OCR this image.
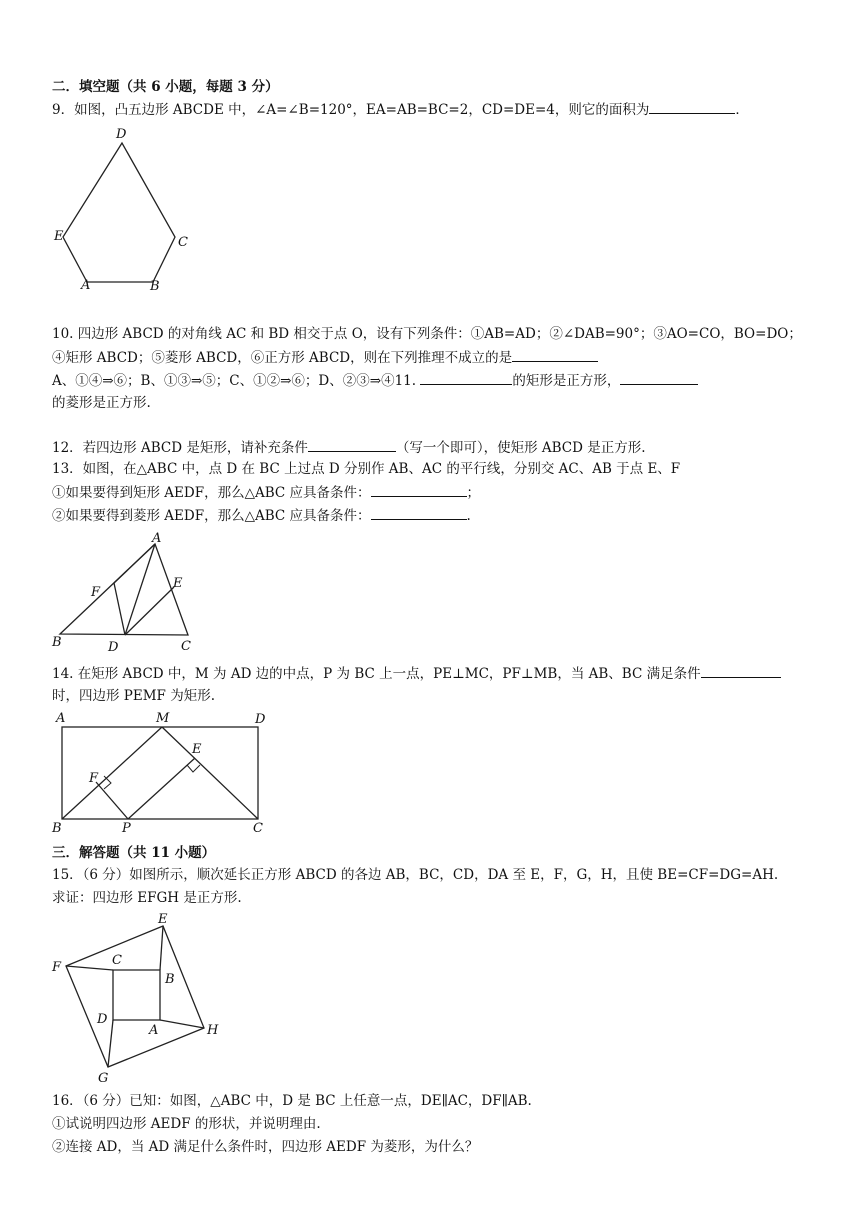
二．填空题（共 6 小题，每题 3 分）
9．如图，凸五边形 ABCDE 中，∠A=∠B=120°，EA=AB=BC=2，CD=DE=4，则它的面积为	．
D
E	C
A	B
10. 四边形 ABCD 的对角线 AC 和 BD 相交于点 O，设有下列条件：①AB=AD；②∠DAB=90°；③AO=CO，BO=DO；
④矩形 ABCD；⑤菱形 ABCD，⑥正方形 ABCD，则在下列推理不成立的是
A、①④⇒⑥；B、①③⇒⑤；C、①②⇒⑥；D、②③⇒④11.	的矩形是正方形，
的菱形是正方形.
12．若四边形 ABCD 是矩形，请补充条件	（写一个即可），使矩形 ABCD 是正方形.
13．如图，在△ABC 中，点 D 在 BC 上过点 D 分别作 AB、AC 的平行线，分别交 AC、AB 于点 E、F
①如果要得到矩形 AEDF，那么△ABC 应具备条件：	；
②如果要得到菱形 AEDF，那么△ABC 应具备条件：	.
A
F
E
B	D	C
14. 在矩形 ABCD 中，M 为 AD 边的中点，P 为 BC 上一点，PE⊥MC，PF⊥MB，当 AB、BC 满足条件
时，四边形 PEMF 为矩形.
A	M	D
E
F
B	P	C
三．解答题（共 11 小题）
15．（6 分）如图所示，顺次延长正方形 ABCD 的各边 AB，BC，CD，DA 至 E，F，G，H，且使 BE=CF=DG=AH.
求证：四边形 EFGH 是正方形.
E
F	C
B
D
A	H
G
16．（6 分）已知：如图，△ABC 中，D 是 BC 上任意一点，DE∥AC，DF∥AB.
①试说明四边形 AEDF 的形状，并说明理由.
②连接 AD，当 AD 满足什么条件时，四边形 AEDF 为菱形，为什么？
